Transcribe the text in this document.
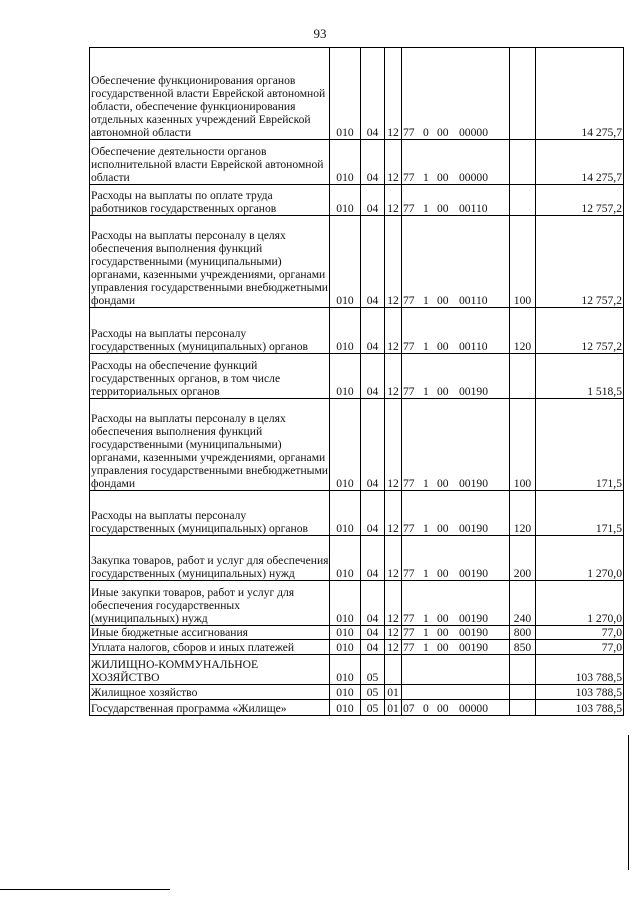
93
Обеспечение функционирования органов государственной власти Еврейской автономной области, обеспечение функционирования отдельных казенных учреждений Еврейской автономной области	010	04	12	77 0 00 00000		14 275,7
Обеспечение деятельности органов исполнительной власти Еврейской автономной области	010	04	12	77 1 00 00000		14 275,7
Расходы на выплаты по оплате труда работников государственных органов	010	04	12	77 1 00 00110		12 757,2
Расходы на выплаты персоналу в целях обеспечения выполнения функций государственными (муниципальными) органами, казенными учреждениями, органами управления государственными внебюджетными фондами	010	04	12	77 1 00 00110	100	12 757,2
Расходы на выплаты персоналу государственных (муниципальных) органов	010	04	12	77 1 00 00110	120	12 757,2
Расходы на обеспечение функций государственных органов, в том числе территориальных органов	010	04	12	77 1 00 00190		1 518,5
Расходы на выплаты персоналу в целях обеспечения выполнения функций государственными (муниципальными) органами, казенными учреждениями, органами управления государственными внебюджетными фондами	010	04	12	77 1 00 00190	100	171,5
Расходы на выплаты персоналу государственных (муниципальных) органов	010	04	12	77 1 00 00190	120	171,5
Закупка товаров, работ и услуг для обеспечения государственных (муниципальных) нужд	010	04	12	77 1 00 00190	200	1 270,0
Иные закупки товаров, работ и услуг для обеспечения государственных (муниципальных) нужд	010	04	12	77 1 00 00190	240	1 270,0
Иные бюджетные ассигнования	010	04	12	77 1 00 00190	800	77,0
Уплата налогов, сборов и иных платежей	010	04	12	77 1 00 00190	850	77,0
ЖИЛИЩНО-КОММУНАЛЬНОЕ ХОЗЯЙСТВО	010	05				103 788,5
Жилищное хозяйство	010	05	01			103 788,5
Государственная программа «Жилище»	010	05	01	07 0 00 00000		103 788,5
